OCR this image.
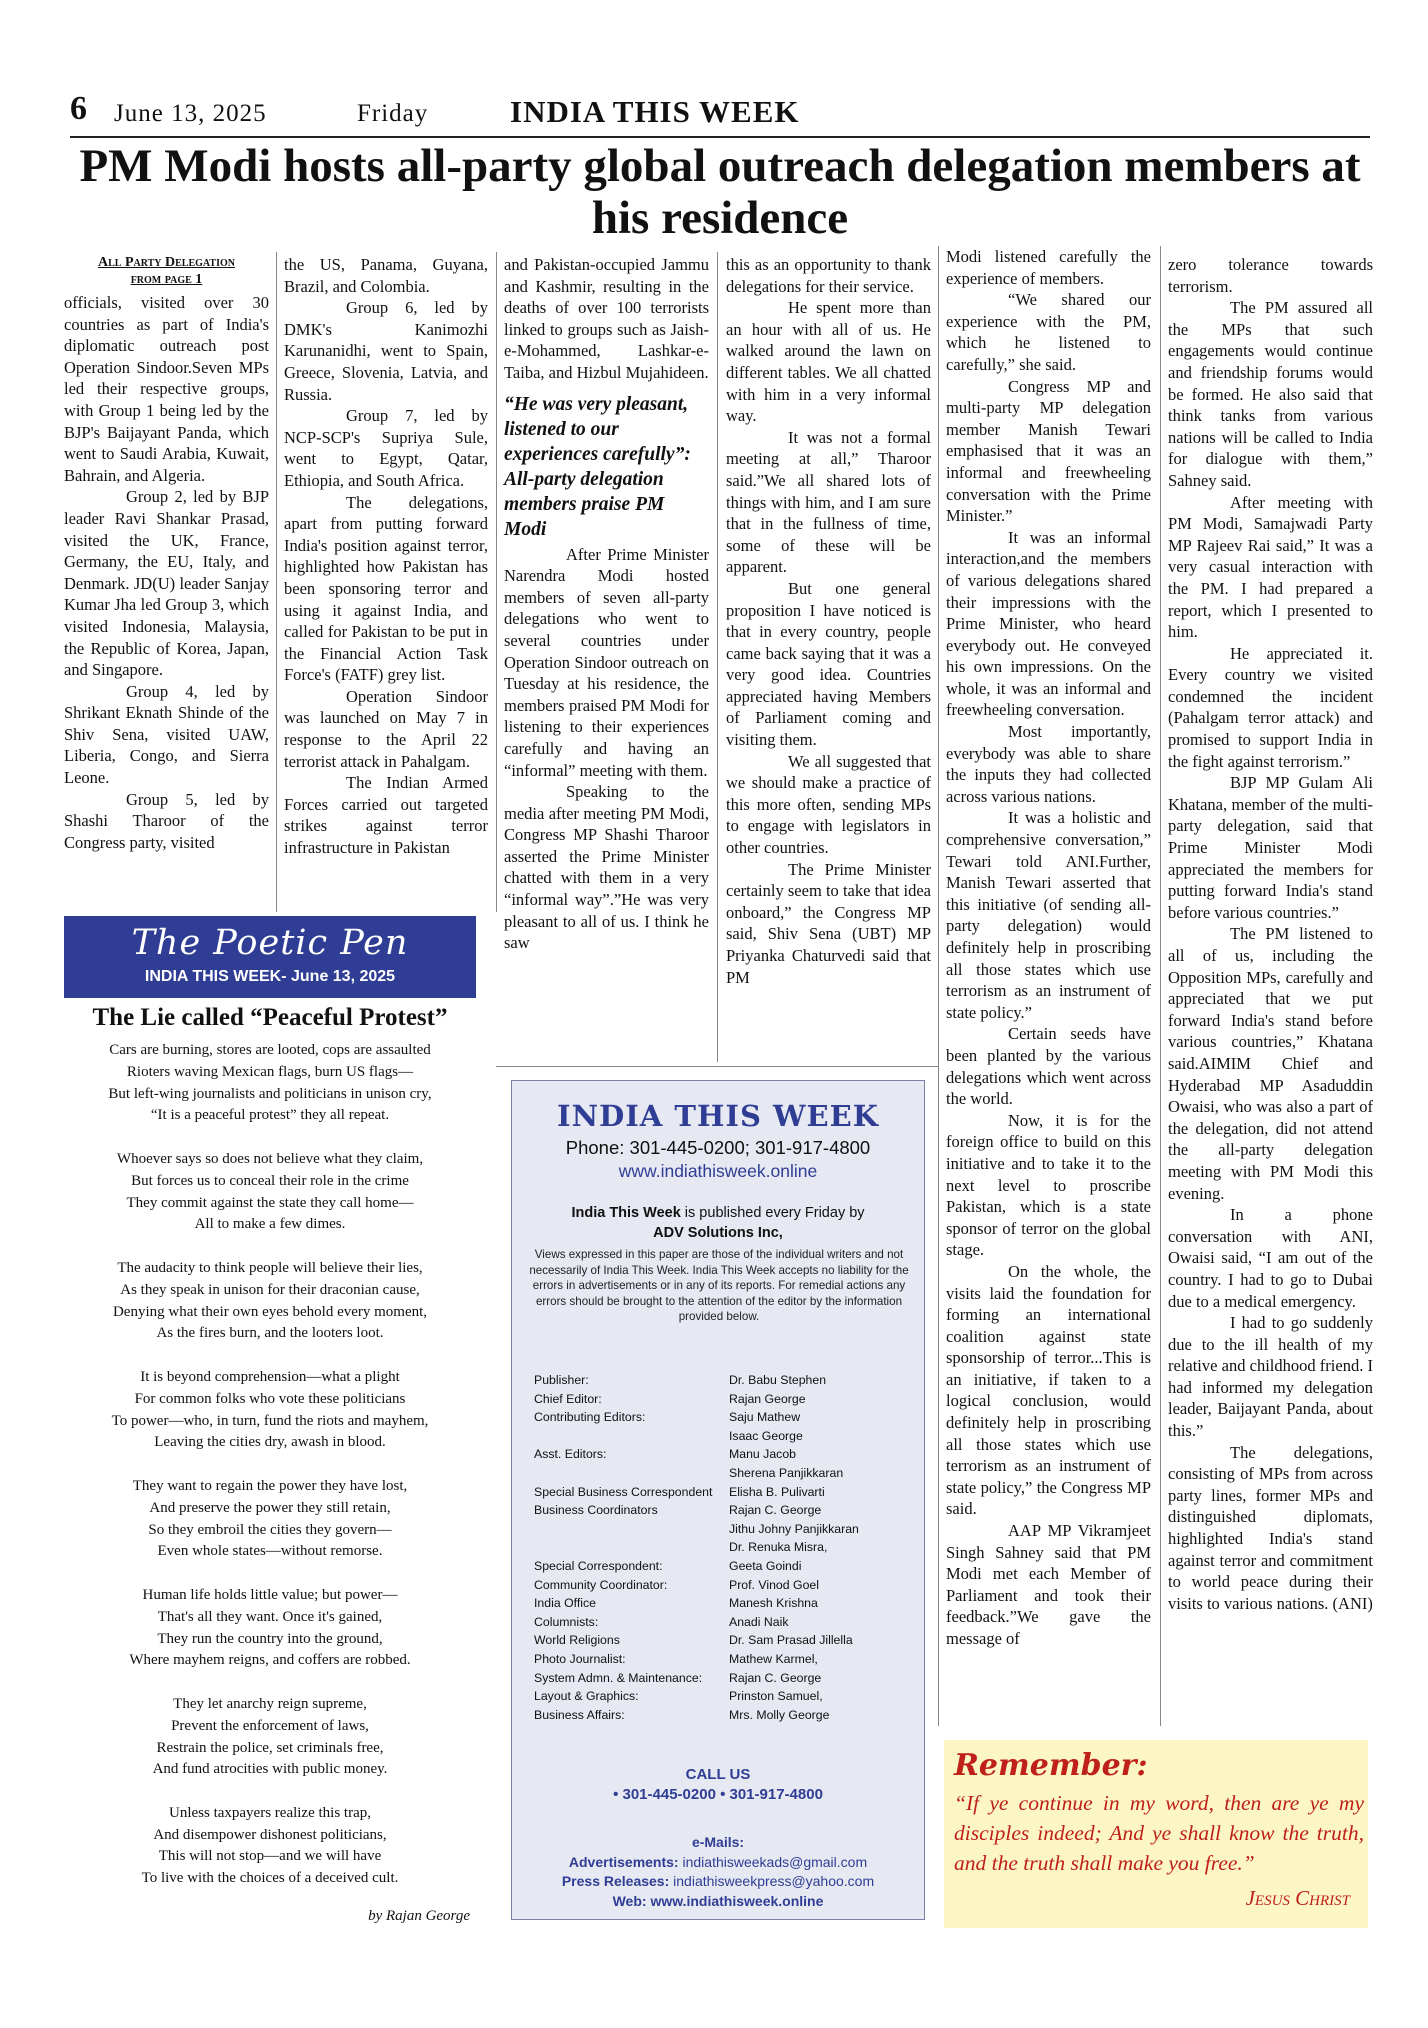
6 June 13, 2025	Friday	INDIA THIS WEEK
PM Modi hosts all-party global outreach delegation members at his residence
All Party Delegation
from page 1

officials, visited over 30 countries as part of India's diplomatic outreach post Operation Sindoor.Seven MPs led their respective groups, with Group 1 being led by the BJP's Baijayant Panda, which went to Saudi Arabia, Kuwait, Bahrain, and Algeria.

Group 2, led by BJP leader Ravi Shankar Prasad, visited the UK, France, Germany, the EU, Italy, and Denmark. JD(U) leader Sanjay Kumar Jha led Group 3, which visited Indonesia, Malaysia, the Republic of Korea, Japan, and Singapore.

Group 4, led by Shrikant Eknath Shinde of the Shiv Sena, visited UAW, Liberia, Congo, and Sierra Leone.

Group 5, led by Shashi Tharoor of the Congress party, visited

the US, Panama, Guyana, Brazil, and Colombia.

Group 6, led by DMK's Kanimozhi Karunanidhi, went to Spain, Greece, Slovenia, Latvia, and Russia.

Group 7, led by NCP-SCP's Supriya Sule, went to Egypt, Qatar, Ethiopia, and South Africa.

The delegations, apart from putting forward India's position against terror, highlighted how Pakistan has been sponsoring terror and using it against India, and called for Pakistan to be put in the Financial Action Task Force's (FATF) grey list.

Operation Sindoor was launched on May 7 in response to the April 22 terrorist attack in Pahalgam.

The Indian Armed Forces carried out targeted strikes against terror infrastructure in Pakistan

and Pakistan-occupied Jammu and Kashmir, resulting in the deaths of over 100 terrorists linked to groups such as Jaish-e-Mohammed, Lashkar-e-Taiba, and Hizbul Mujahideen.

“He was very pleasant, listened to our experiences carefully”: All-party delegation members praise PM Modi

After Prime Minister Narendra Modi hosted members of seven all-party delegations who went to several countries under Operation Sindoor outreach on Tuesday at his residence, the members praised PM Modi for listening to their experiences carefully and having an “informal” meeting with them.

Speaking to the media after meeting PM Modi, Congress MP Shashi Tharoor asserted the Prime Minister chatted with them in a very “informal way”.”He was very pleasant to all of us. I think he saw

this as an opportunity to thank delegations for their service.

He spent more than an hour with all of us. He walked around the lawn on different tables. We all chatted with him in a very informal way.

It was not a formal meeting at all,” Tharoor said.”We all shared lots of things with him, and I am sure that in the fullness of time, some of these will be apparent.

But one general proposition I have noticed is that in every country, people came back saying that it was a very good idea. Countries appreciated having Members of Parliament coming and visiting them.

We all suggested that we should make a practice of this more often, sending MPs to engage with legislators in other countries.

The Prime Minister certainly seem to take that idea onboard,” the Congress MP said, Shiv Sena (UBT) MP Priyanka Chaturvedi said that PM

Modi listened carefully the experience of members.

“We shared our experience with the PM, which he listened to carefully,” she said.

Congress MP and multi-party MP delegation member Manish Tewari emphasised that it was an informal and freewheeling conversation with the Prime Minister.”

It was an informal interaction,and the members of various delegations shared their impressions with the Prime Minister, who heard everybody out. He conveyed his own impressions. On the whole, it was an informal and freewheeling conversation.

Most importantly, everybody was able to share the inputs they had collected across various nations.

It was a holistic and comprehensive conversation,” Tewari told ANI.Further, Manish Tewari asserted that this initiative (of sending all-party delegation) would definitely help in proscribing all those states which use terrorism as an instrument of state policy.”

Certain seeds have been planted by the various delegations which went across the world.

Now, it is for the foreign office to build on this initiative and to take it to the next level to proscribe Pakistan, which is a state sponsor of terror on the global stage.

On the whole, the visits laid the foundation for forming an international coalition against state sponsorship of terror...This is an initiative, if taken to a logical conclusion, would definitely help in proscribing all those states which use terrorism as an instrument of state policy,” the Congress MP said.

AAP MP Vikramjeet Singh Sahney said that PM Modi met each Member of Parliament and took their feedback.”We gave the message of

zero tolerance towards terrorism.

The PM assured all the MPs that such engagements would continue and friendship forums would be formed. He also said that think tanks from various nations will be called to India for dialogue with them,” Sahney said.

After meeting with PM Modi, Samajwadi Party MP Rajeev Rai said,” It was a very casual interaction with the PM. I had prepared a report, which I presented to him.

He appreciated it. Every country we visited condemned the incident (Pahalgam terror attack) and promised to support India in the fight against terrorism.”

BJP MP Gulam Ali Khatana, member of the multi-party delegation, said that Prime Minister Modi appreciated the members for putting forward India's stand before various countries.”

The PM listened to all of us, including the Opposition MPs, carefully and appreciated that we put forward India's stand before various countries,” Khatana said.AIMIM Chief and Hyderabad MP Asaduddin Owaisi, who was also a part of the delegation, did not attend the all-party delegation meeting with PM Modi this evening.

In a phone conversation with ANI, Owaisi said, “I am out of the country. I had to go to Dubai due to a medical emergency.

I had to go suddenly due to the ill health of my relative and childhood friend. I had informed my delegation leader, Baijayant Panda, about this.”

The delegations, consisting of MPs from across party lines, former MPs and distinguished diplomats, highlighted India's stand against terror and commitment to world peace during their visits to various nations. (ANI)

The Poetic Pen
INDIA THIS WEEK- June 13, 2025
The Lie called “Peaceful Protest”
Cars are burning, stores are looted, cops are assaulted
Rioters waving Mexican flags, burn US flags—
But left-wing journalists and politicians in unison cry,
“It is a peaceful protest” they all repeat.
Whoever says so does not believe what they claim,
But forces us to conceal their role in the crime
They commit against the state they call home—
All to make a few dimes.
The audacity to think people will believe their lies,
As they speak in unison for their draconian cause,
Denying what their own eyes behold every moment,
As the fires burn, and the looters loot.
It is beyond comprehension—what a plight
For common folks who vote these politicians
To power—who, in turn, fund the riots and mayhem,
Leaving the cities dry, awash in blood.
They want to regain the power they have lost,
And preserve the power they still retain,
So they embroil the cities they govern—
Even whole states—without remorse.
Human life holds little value; but power—
That's all they want. Once it's gained,
They run the country into the ground,
Where mayhem reigns, and coffers are robbed.
They let anarchy reign supreme,
Prevent the enforcement of laws,
Restrain the police, set criminals free,
And fund atrocities with public money.
Unless taxpayers realize this trap,
And disempower dishonest politicians,
This will not stop—and we will have
To live with the choices of a deceived cult.
by Rajan George
INDIA THIS WEEK
Phone: 301-445-0200; 301-917-4800
www.indiathisweek.online
India This Week is published every Friday by
ADV Solutions Inc,
Views expressed in this paper are those of the individual writers and not necessarily of India This Week. India This Week accepts no liability for the errors in advertisements or in any of its reports. For remedial actions any errors should be brought to the attention of the editor by the information provided below.
Publisher:	Dr. Babu Stephen
Chief Editor:	Rajan George
Contributing Editors:	Saju Mathew
Isaac George
Asst. Editors:	Manu Jacob
Sherena Panjikkaran
Special Business Correspondent Elisha B. Pulivarti
Business Coordinators	Rajan C. George
Jithu Johny Panjikkaran
Dr. Renuka Misra,
Special Correspondent:	Geeta Goindi
Community Coordinator:	Prof. Vinod Goel
India Office	Manesh Krishna
Columnists:	Anadi Naik
World Religions	Dr. Sam Prasad Jillella
Photo Journalist:	Mathew Karmel,
System Admn. & Maintenance: Rajan C. George
Layout & Graphics:	Prinston Samuel,
Business Affairs:	Mrs. Molly George
CALL US
• 301-445-0200 • 301-917-4800
e-Mails:
Advertisements: indiathisweekads@gmail.com
Press Releases: indiathisweekpress@yahoo.com
Web: www.indiathisweek.online
Remember:
“If ye continue in my word, then are ye my disciples indeed; And ye shall know the truth, and the truth shall make you free.”
Jesus Christ
